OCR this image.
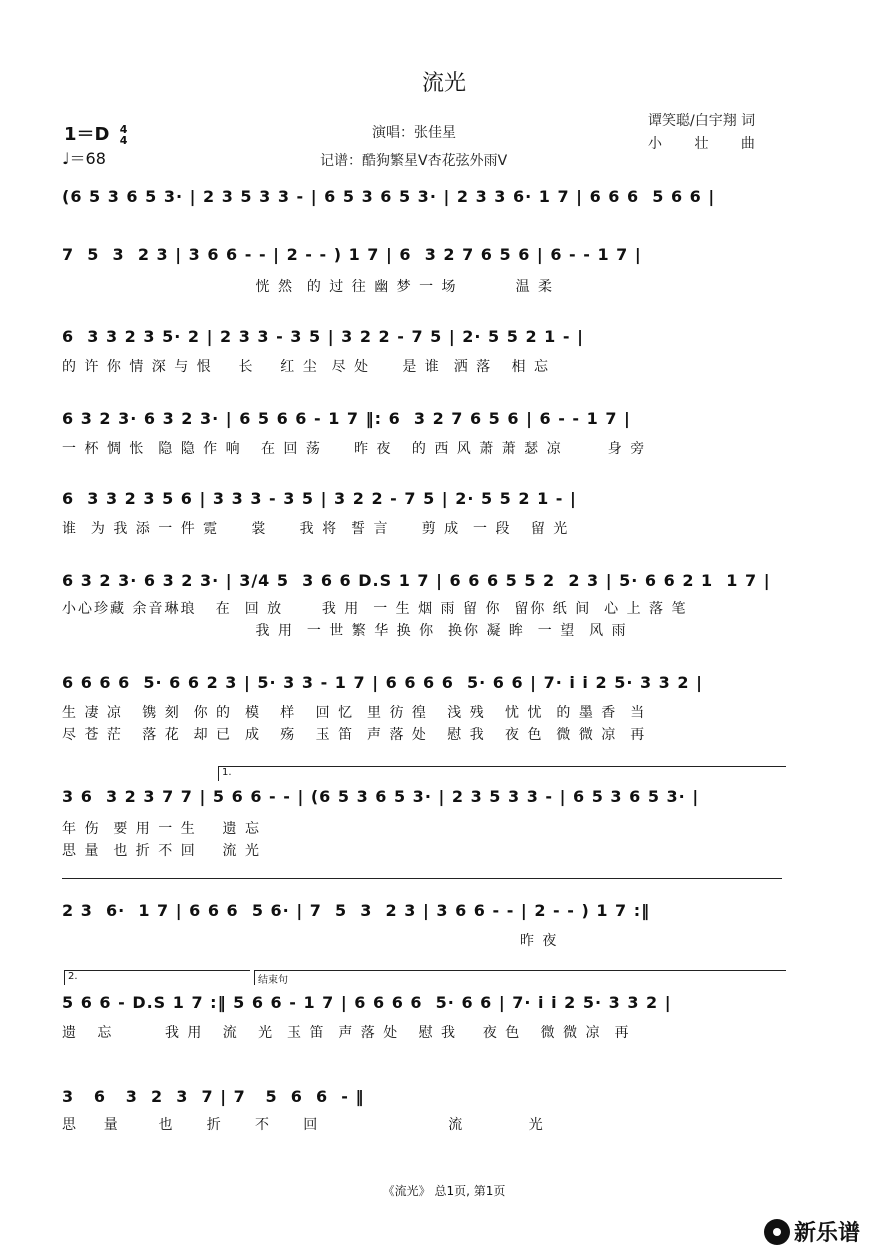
流光
1＝D 4
4
♩＝68
演唱：张佳星
记谱：酷狗繁星V杏花弦外雨V
谭笑聪/白宇翔 词
小 壮 曲
(6 5 3 6 5 3· | 2 3 5 3 3 - | 6 5 3 6 5 3· | 2 3 3 6· 1 7 | 6 6 6  5 6 6 |
7  5  3  2 3 | 3 6 6 - - | 2 - - ) 1 7 | 6  3 2 7 6 5 6 | 6 - - 1 7 |
恍 然  的 过 往 幽 梦 一 场         温 柔
6  3 3 2 3 5· 2 | 2 3 3 - 3 5 | 3 2 2 - 7 5 | 2· 5 5 2 1 - |
的 许 你 情 深 与 恨    长    红 尘  尽 处     是 谁  洒 落   相 忘
6 3 2 3· 6 3 2 3· | 6 5 6 6 - 1 7 ‖: 6  3 2 7 6 5 6 | 6 - - 1 7 |
一 杯 惆 怅  隐 隐 作 响   在 回 荡     昨 夜   的 西 风 萧 萧 瑟 凉       身 旁
6  3 3 2 3 5 6 | 3 3 3 - 3 5 | 3 2 2 - 7 5 | 2· 5 5 2 1 - |
谁  为 我 添 一 件 霓     裳     我 将  誓 言     剪 成  一 段   留 光
6 3 2 3· 6 3 2 3· | 3/4 5  3 6 6 D.S 1 7 | 6 6 6 5 5 2  2 3 | 5· 6 6 2 1  1 7 |
小心珍藏 余音琳琅   在  回 放      我 用  一 生 烟 雨 留 你  留你 纸 间  心 上 落 笔
我 用  一 世 繁 华 换 你  换你 凝 眸  一 望  风 雨
6 6 6 6  5· 6 6 2 3 | 5· 3 3 - 1 7 | 6 6 6 6  5· 6 6 | 7· i i 2 5· 3 3 2 |
生 凄 凉   镌 刻  你 的  模   样   回 忆  里 彷 徨   浅 残   忧 忧  的 墨 香  当
尽 苍 茫   落 花  却 已  成   殇   玉 笛  声 落 处   慰 我   夜 色  微 微 凉  再
1.
3 6  3 2 3 7 7 | 5 6 6 - - | (6 5 3 6 5 3· | 2 3 5 3 3 - | 6 5 3 6 5 3· |
年 伤  要 用 一 生    遗 忘
思 量  也 折 不 回    流 光
2 3  6·  1 7 | 6 6 6  5 6· | 7  5  3  2 3 | 3 6 6 - - | 2 - - ) 1 7 :‖
昨 夜
2.	结束句
5 6 6 - D.S 1 7 :‖ 5 6 6 - 1 7 | 6 6 6 6  5· 6 6 | 7· i i 2 5· 3 3 2 |
遗   忘        我 用   流   光  玉 笛  声 落 处   慰 我    夜 色   微 微 凉  再
3   6   3  2  3  7 | 7   5  6  6  - ‖
思    量      也     折     不     回                    流          光
《流光》 总1页, 第1页
新乐谱
